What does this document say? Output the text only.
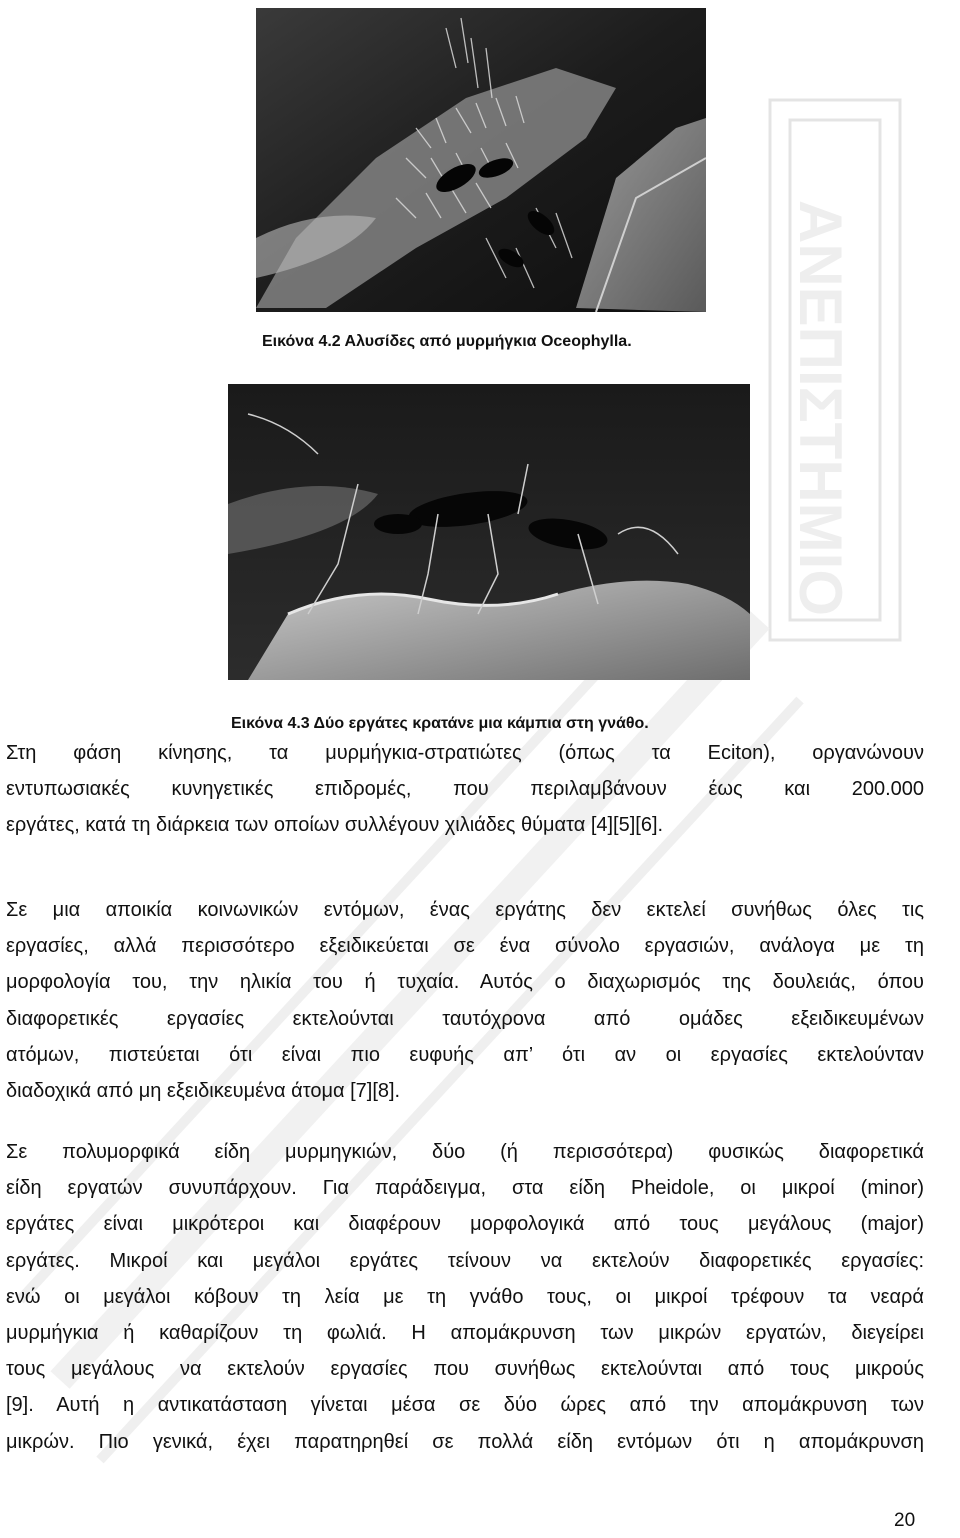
ΑΝΕΠΙΣΤΗΜΙΟ
Εικόνα 4.2 Αλυσίδες από μυρμήγκια Oceophylla.
Εικόνα 4.3 Δύο εργάτες κρατάνε μια κάμπια στη γνάθο.
Στη φάση κίνησης, τα μυρμήγκια-στρατιώτες (όπως τα Eciton), οργανώνουν
εντυπωσιακές κυνηγετικές επιδρομές, που περιλαμβάνουν έως και 200.000
εργάτες, κατά τη διάρκεια των οποίων συλλέγουν χιλιάδες θύματα [4][5][6].
Σε μια αποικία κοινωνικών εντόμων, ένας εργάτης δεν εκτελεί συνήθως όλες τις
εργασίες, αλλά περισσότερο εξειδικεύεται σε ένα σύνολο εργασιών, ανάλογα με τη
μορφολογία του, την ηλικία του ή τυχαία. Αυτός ο διαχωρισμός της δουλειάς, όπου
διαφορετικές εργασίες εκτελούνται ταυτόχρονα από ομάδες εξειδικευμένων
ατόμων, πιστεύεται ότι είναι πιο ευφυής απ’ ότι αν οι εργασίες εκτελούνταν
διαδοχικά από μη εξειδικευμένα άτομα [7][8].
Σε πολυμορφικά είδη μυρμηγκιών, δύο (ή περισσότερα) φυσικώς διαφορετικά
είδη εργατών συνυπάρχουν. Για παράδειγμα, στα είδη Pheidole, οι μικροί (minor)
εργάτες είναι μικρότεροι και διαφέρουν μορφολογικά από τους μεγάλους (major)
εργάτες. Μικροί και μεγάλοι εργάτες τείνουν να εκτελούν διαφορετικές εργασίες:
ενώ οι μεγάλοι κόβουν τη λεία με τη γνάθο τους, οι μικροί τρέφουν τα νεαρά
μυρμήγκια ή καθαρίζουν τη φωλιά. Η απομάκρυνση των μικρών εργατών, διεγείρει
τους μεγάλους να εκτελούν εργασίες που συνήθως εκτελούνται από τους μικρούς
[9]. Αυτή η αντικατάσταση γίνεται μέσα σε δύο ώρες από την απομάκρυνση των
μικρών. Πιο γενικά, έχει παρατηρηθεί σε πολλά είδη εντόμων ότι η απομάκρυνση
20
